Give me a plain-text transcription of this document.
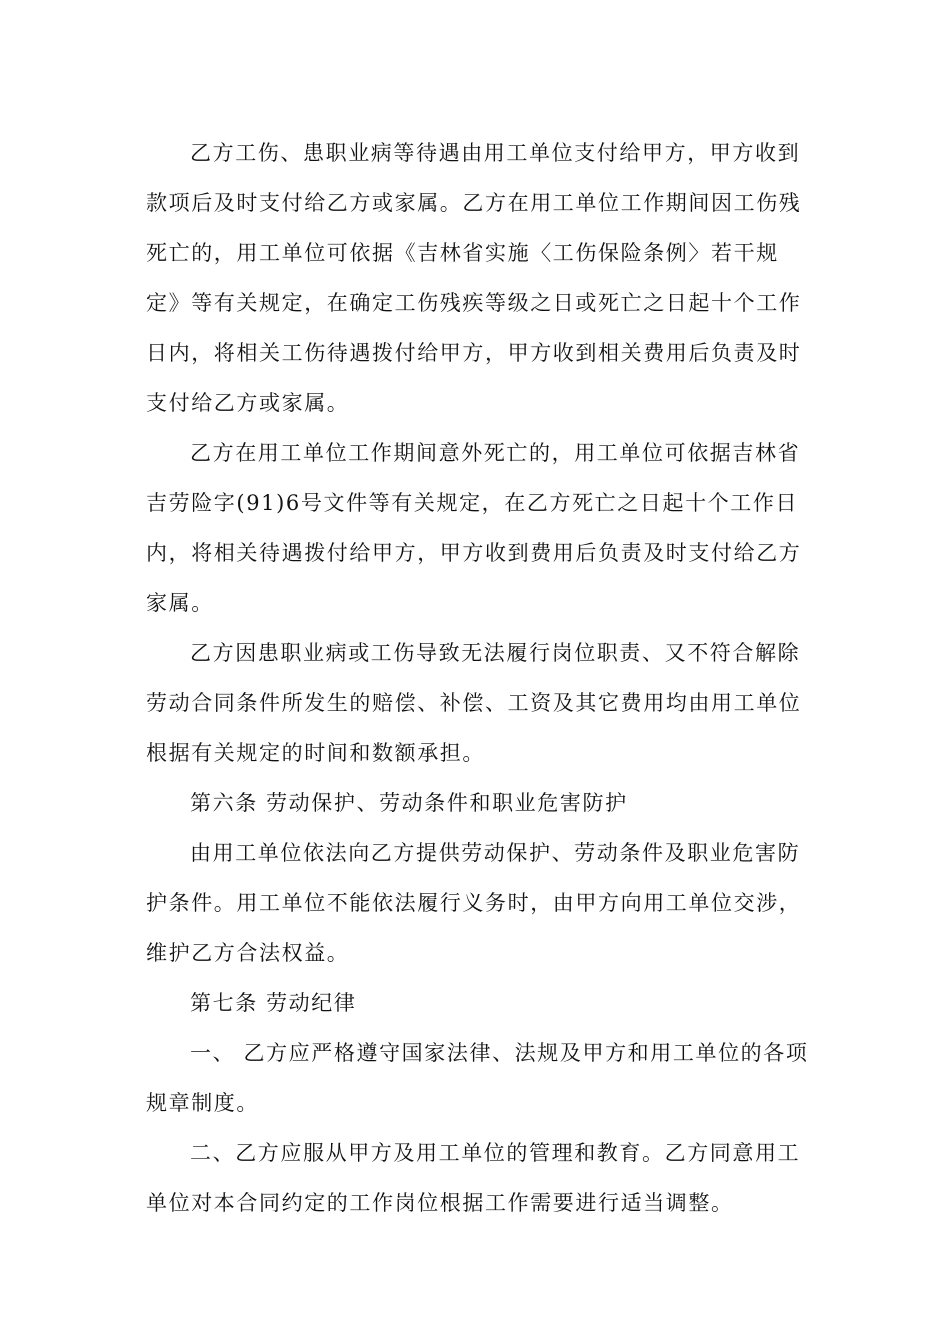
乙方工伤、患职业病等待遇由用工单位支付给甲方，甲方收到
款项后及时支付给乙方或家属。乙方在用工单位工作期间因工伤残
死亡的，用工单位可依据《吉林省实施〈工伤保险条例〉若干规
定》等有关规定，在确定工伤残疾等级之日或死亡之日起十个工作
日内，将相关工伤待遇拨付给甲方，甲方收到相关费用后负责及时
支付给乙方或家属。
乙方在用工单位工作期间意外死亡的，用工单位可依据吉林省
吉劳险字(91)6号文件等有关规定，在乙方死亡之日起十个工作日
内，将相关待遇拨付给甲方，甲方收到费用后负责及时支付给乙方
家属。
乙方因患职业病或工伤导致无法履行岗位职责、又不符合解除
劳动合同条件所发生的赔偿、补偿、工资及其它费用均由用工单位
根据有关规定的时间和数额承担。
第六条 劳动保护、劳动条件和职业危害防护
由用工单位依法向乙方提供劳动保护、劳动条件及职业危害防
护条件。用工单位不能依法履行义务时，由甲方向用工单位交涉，
维护乙方合法权益。
第七条 劳动纪律
一、 乙方应严格遵守国家法律、法规及甲方和用工单位的各项
规章制度。
二、乙方应服从甲方及用工单位的管理和教育。乙方同意用工
单位对本合同约定的工作岗位根据工作需要进行适当调整。
